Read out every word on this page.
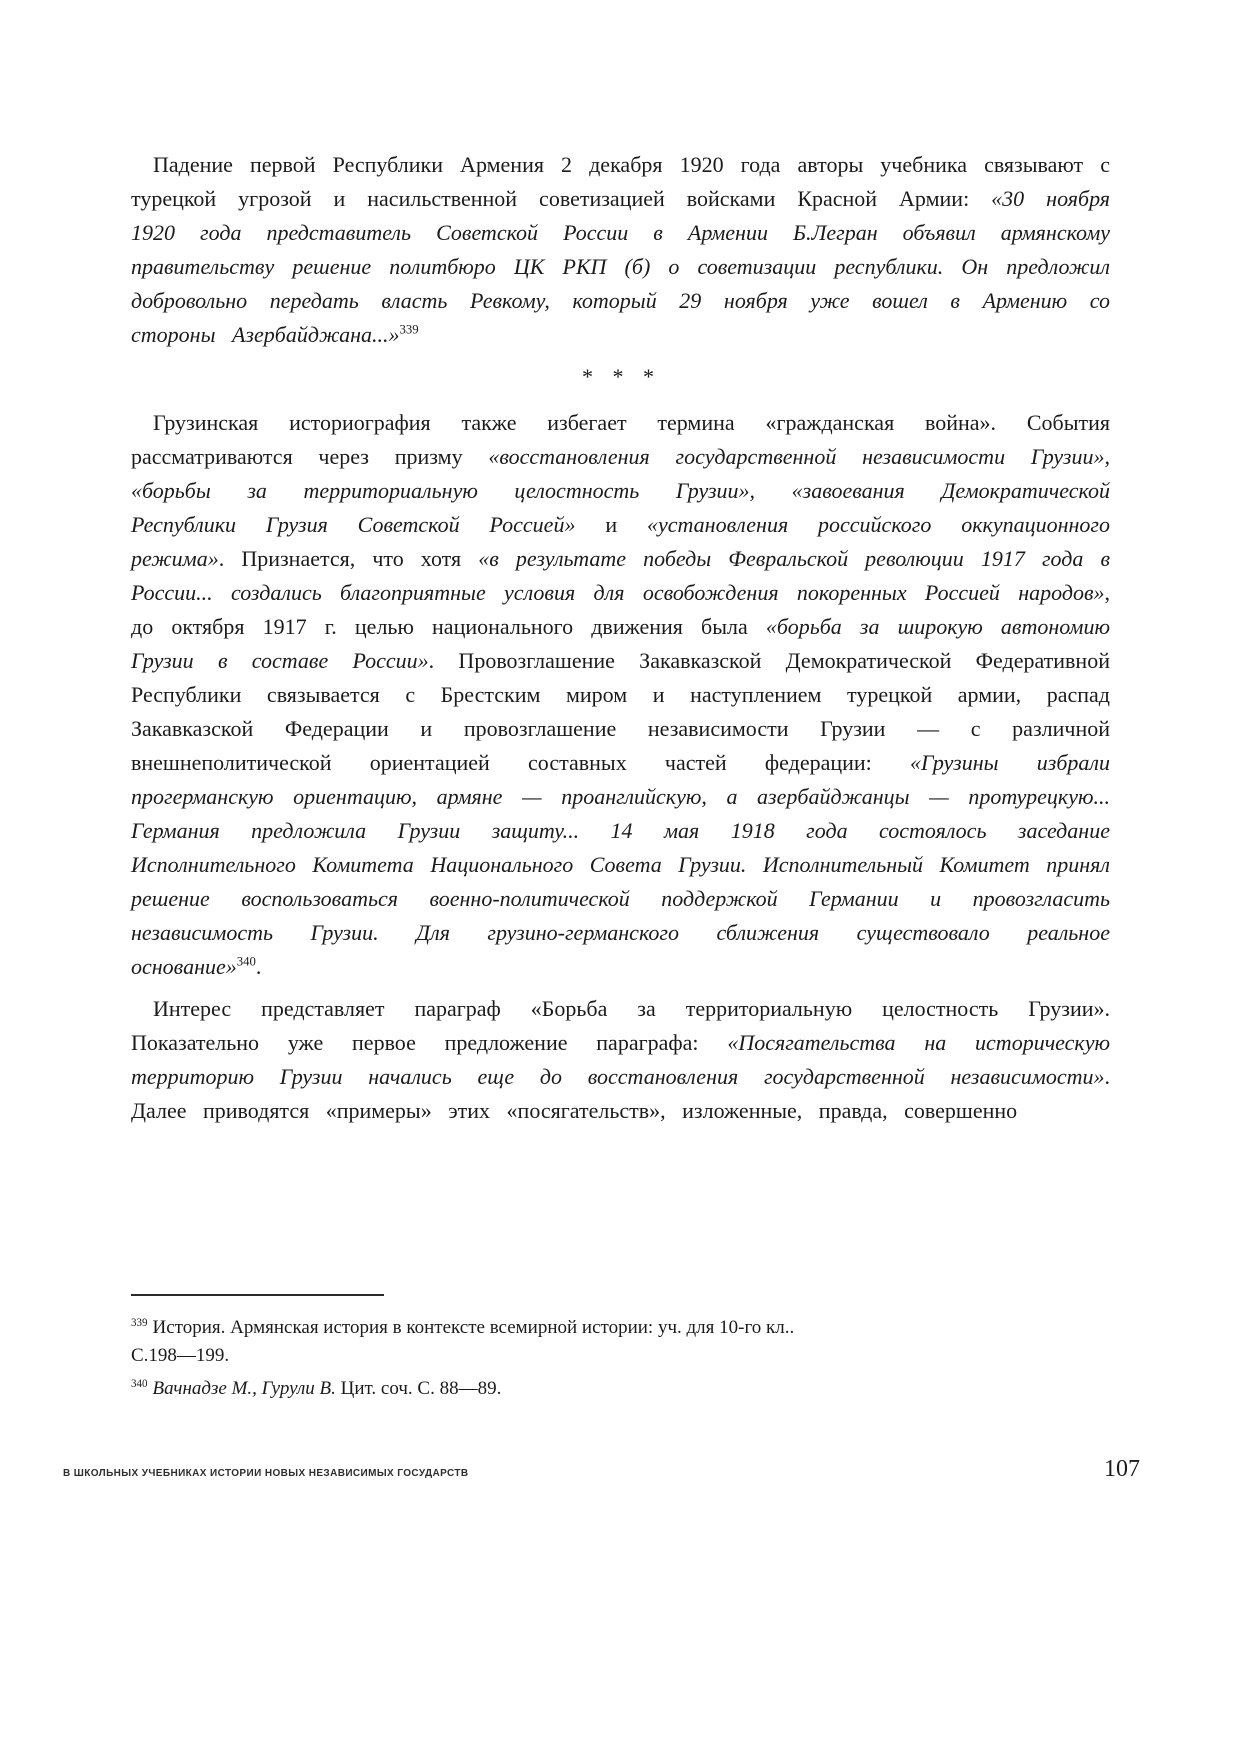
Падение первой Республики Армения 2 декабря 1920 года авторы учебника связывают с турецкой угрозой и насильственной советизацией войсками Красной Армии: «30 ноября 1920 года представитель Советской России в Армении Б.Легран объявил армянскому правительству решение политбюро ЦК РКП (б) о советизации республики. Он предложил добровольно передать власть Ревкому, который 29 ноября уже вошел в Армению со стороны Азербайджана...»$^{339}$

* * *

Грузинская историография также избегает термина «гражданская война». События рассматриваются через призму «восстановления государственной независимости Грузии», «борьбы за территориальную целостность Грузии», «завоевания Демократической Республики Грузия Советской Россией» и «установления российского оккупационного режима». Признается, что хотя «в результате победы Февральской революции 1917 года в России... создались благоприятные условия для освобождения покоренных Россией народов», до октября 1917 г. целью национального движения была «борьба за широкую автономию Грузии в составе России». Провозглашение Закавказской Демократической Федеративной Республики связывается с Брестским миром и наступлением турецкой армии, распад Закавказской Федерации и провозглашение независимости Грузии — с различной внешнеполитической ориентацией составных частей федерации: «Грузины избрали прогерманскую ориентацию, армяне — проанглийскую, а азербайджанцы — протурецкую... Германия предложила Грузии защиту... 14 мая 1918 года состоялось заседание Исполнительного Комитета Национального Совета Грузии. Исполнительный Комитет принял решение воспользоваться военно-политической поддержкой Германии и провозгласить независимость Грузии. Для грузино-германского сближения существовало реальное основание»$^{340}$.

Интерес представляет параграф «Борьба за территориальную целостность Грузии». Показательно уже первое предложение параграфа: «Посягательства на историческую территорию Грузии начались еще до восстановления государственной независимости». Далее приводятся «примеры» этих «посягательств», изложенные, правда, совершенно

$^{339}$ История. Армянская история в контексте всемирной истории: уч. для 10-го кл..
С.198—199.

$^{340}$ Вачнадзе М., Гурули В. Цит. соч. С. 88—89.

В ШКОЛЬНЫХ УЧЕБНИКАХ ИСТОРИИ НОВЫХ НЕЗАВИСИМЫХ ГОСУДАРСТВ	107
